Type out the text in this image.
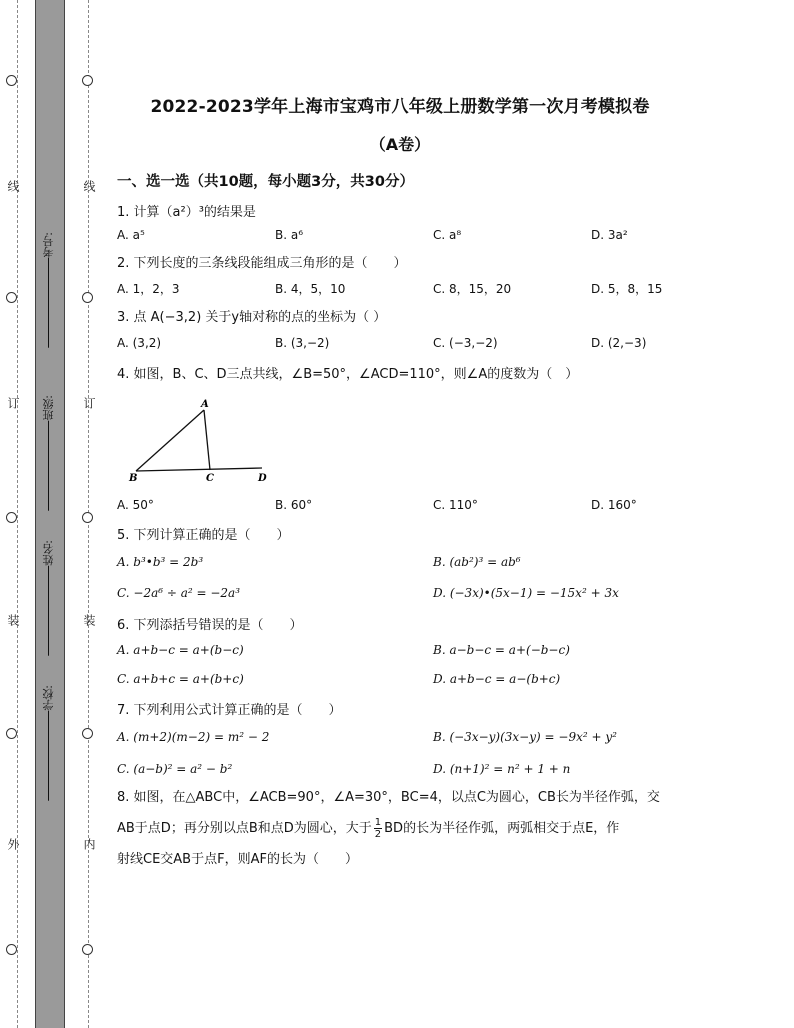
线
订
装
外
线
订
装
内
考号:
班级:
姓名:
学校:
2022-2023学年上海市宝鸡市八年级上册数学第一次月考模拟卷
（A卷）
一、选一选（共10题，每小题3分，共30分）
1. 计算（a²）³的结果是
A. a⁵	B. a⁶	C. a⁸	D. 3a²
2. 下列长度的三条线段能组成三角形的是（　　）
A. 1，2，3	B. 4，5，10	C. 8，15，20	D. 5，8，15
3. 点 A(−3,2) 关于y轴对称的点的坐标为（ ）
A. (3,2)	B. (3,−2)	C. (−3,−2)	D. (2,−3)
4. 如图，B、C、D三点共线，∠B=50°，∠ACD=110°，则∠A的度数为（　）
A
B	C	D
A. 50°	B. 60°	C. 110°	D. 160°
5. 下列计算正确的是（　　）
A. b³•b³ = 2b³	B. (ab²)³ = ab⁶
C. −2a⁶ ÷ a² = −2a³	D. (−3x)•(5x−1) = −15x² + 3x
6. 下列添括号错误的是（　　）
A. a+b−c = a+(b−c)	B. a−b−c = a+(−b−c)
C. a+b+c = a+(b+c)	D. a+b−c = a−(b+c)
7. 下列利用公式计算正确的是（　　）
A. (m+2)(m−2) = m² − 2	B. (−3x−y)(3x−y) = −9x² + y²
C. (a−b)² = a² − b²	D. (n+1)² = n² + 1 + n
8. 如图，在△ABC中，∠ACB=90°，∠A=30°，BC=4，以点C为圆心，CB长为半径作弧，交
AB于点D；再分别以点B和点D为圆心，大于 $\frac{1}{2}$ BD的长为半径作弧，两弧相交于点E，作
射线CE交AB于点F，则AF的长为（　　）
